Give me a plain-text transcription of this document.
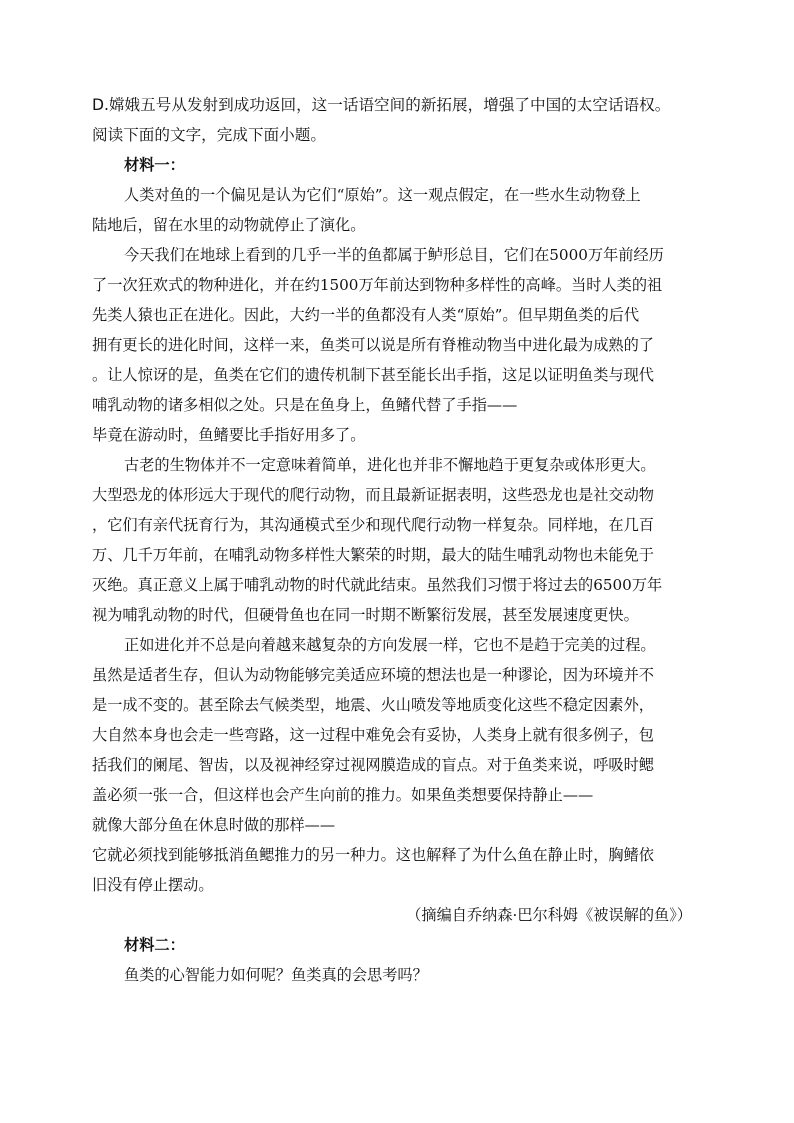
D.嫦娥五号从发射到成功返回，这一话语空间的新拓展，增强了中国的太空话语权。
阅读下面的文字，完成下面小题。
材料一：
人类对鱼的一个偏见是认为它们“原始”。这一观点假定，在一些水生动物登上
陆地后，留在水里的动物就停止了演化。
今天我们在地球上看到的几乎一半的鱼都属于鲈形总目，它们在5000万年前经历
了一次狂欢式的物种进化，并在约1500万年前达到物种多样性的高峰。当时人类的祖
先类人猿也正在进化。因此，大约一半的鱼都没有人类“原始”。但早期鱼类的后代
拥有更长的进化时间，这样一来，鱼类可以说是所有脊椎动物当中进化最为成熟的了
。让人惊讶的是，鱼类在它们的遗传机制下甚至能长出手指，这足以证明鱼类与现代
哺乳动物的诸多相似之处。只是在鱼身上，鱼鳍代替了手指——
毕竟在游动时，鱼鳍要比手指好用多了。
古老的生物体并不一定意味着简单，进化也并非不懈地趋于更复杂或体形更大。
大型恐龙的体形远大于现代的爬行动物，而且最新证据表明，这些恐龙也是社交动物
，它们有亲代抚育行为，其沟通模式至少和现代爬行动物一样复杂。同样地，在几百
万、几千万年前，在哺乳动物多样性大繁荣的时期，最大的陆生哺乳动物也未能免于
灭绝。真正意义上属于哺乳动物的时代就此结束。虽然我们习惯于将过去的6500万年
视为哺乳动物的时代，但硬骨鱼也在同一时期不断繁衍发展，甚至发展速度更快。
正如进化并不总是向着越来越复杂的方向发展一样，它也不是趋于完美的过程。
虽然是适者生存，但认为动物能够完美适应环境的想法也是一种谬论，因为环境并不
是一成不变的。甚至除去气候类型，地震、火山喷发等地质变化这些不稳定因素外，
大自然本身也会走一些弯路，这一过程中难免会有妥协，人类身上就有很多例子，包
括我们的阑尾、智齿，以及视神经穿过视网膜造成的盲点。对于鱼类来说，呼吸时鳃
盖必须一张一合，但这样也会产生向前的推力。如果鱼类想要保持静止——
就像大部分鱼在休息时做的那样——
它就必须找到能够抵消鱼鳃推力的另一种力。这也解释了为什么鱼在静止时，胸鳍依
旧没有停止摆动。
（摘编自乔纳森·巴尔科姆《被误解的鱼》）
材料二：
鱼类的心智能力如何呢？鱼类真的会思考吗？
